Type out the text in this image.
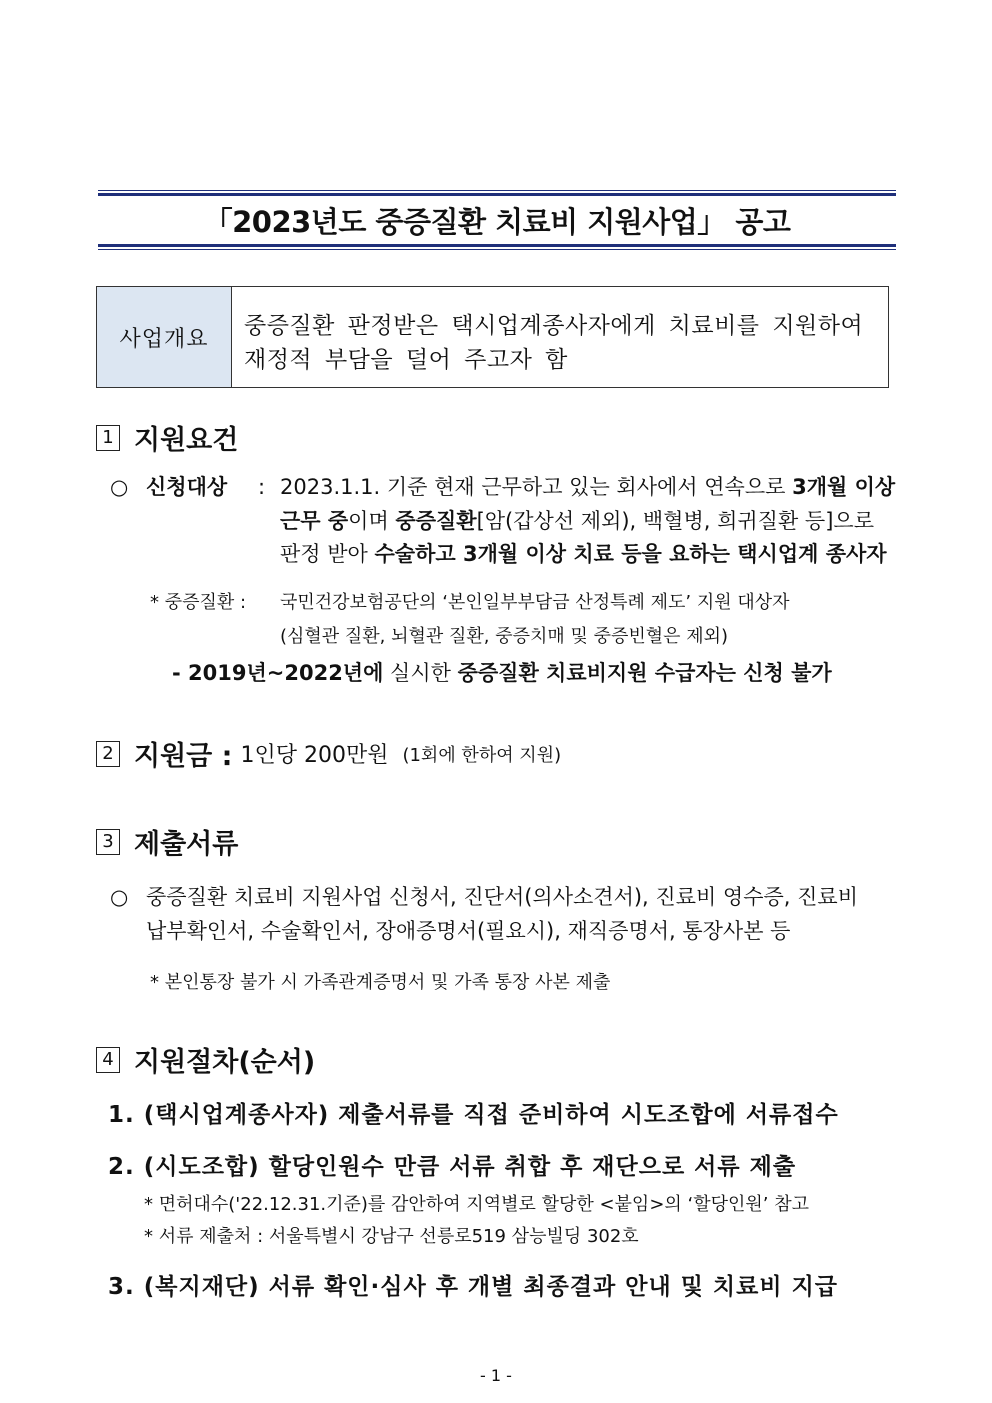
「2023년도 중증질환 치료비 지원사업」 공고
사업개요	중증질환 판정받은 택시업계종사자에게 치료비를 지원하여
재정적 부담을 덜어 주고자 함
1 지원요건
○ 신청대상 : 2023.1.1. 기준 현재 근무하고 있는 회사에서 연속으로 3개월 이상
근무 중이며 중증질환[암(갑상선 제외), 백혈병, 희귀질환 등]으로
판정 받아 수술하고 3개월 이상 치료 등을 요하는 택시업계 종사자
* 중증질환 : 국민건강보험공단의 ‘본인일부부담금 산정특례 제도’ 지원 대상자
(심혈관 질환, 뇌혈관 질환, 중증치매 및 중증빈혈은 제외)
- 2019년~2022년에 실시한 중증질환 치료비지원 수급자는 신청 불가
2 지원금 : 1인당 200만원 (1회에 한하여 지원)
3 제출서류
○ 중증질환 치료비 지원사업 신청서, 진단서(의사소견서), 진료비 영수증, 진료비
납부확인서, 수술확인서, 장애증명서(필요시), 재직증명서, 통장사본 등
* 본인통장 불가 시 가족관계증명서 및 가족 통장 사본 제출
4 지원절차(순서)
1. (택시업계종사자) 제출서류를 직접 준비하여 시도조합에 서류접수
2. (시도조합) 할당인원수 만큼 서류 취합 후 재단으로 서류 제출
* 면허대수('22.12.31.기준)를 감안하여 지역별로 할당한 <붙임>의 ‘할당인원’ 참고
* 서류 제출처 : 서울특별시 강남구 선릉로519 삼능빌딩 302호
3. (복지재단) 서류 확인·심사 후 개별 최종결과 안내 및 치료비 지급
- 1 -
